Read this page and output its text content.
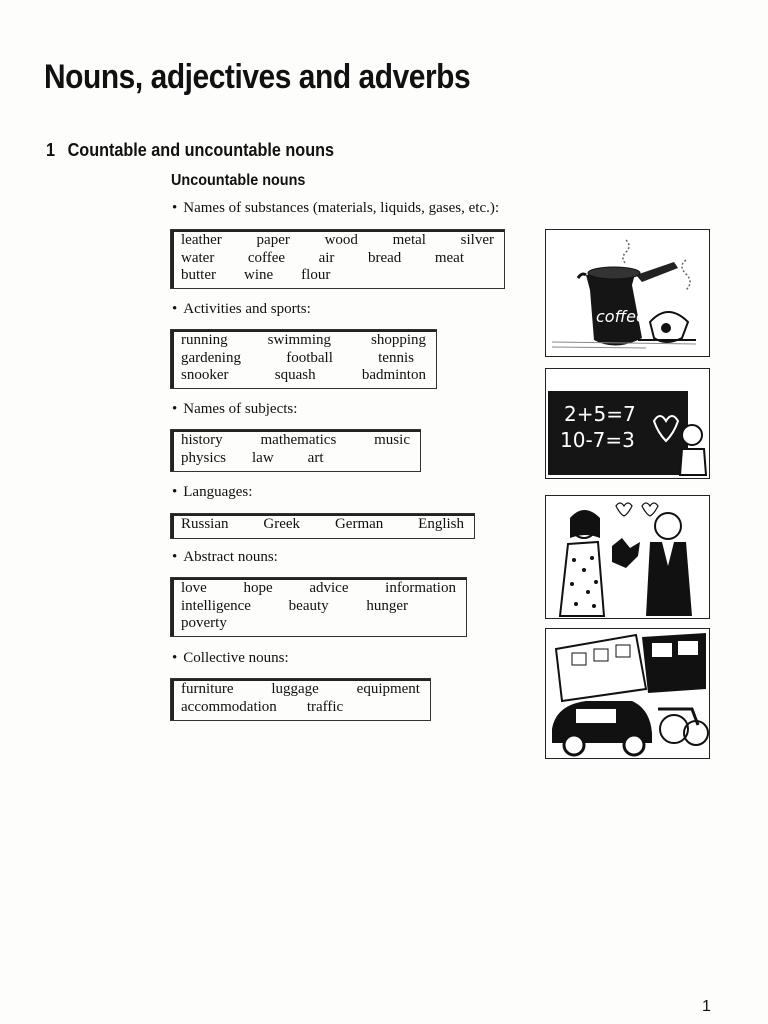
Nouns, adjectives and adverbs
1 Countable and uncountable nouns
Uncountable nouns
• Names of substances (materials, liquids, gases, etc.):
leather paper wood metal silver
water coffee air bread meat
butter wine flour
• Activities and sports:
running	swimming	shopping
gardening	football	tennis
snooker	squash	badminton
• Names of subjects:
history	mathematics	music
physics law art
• Languages:
Russian Greek German English
• Abstract nouns:
love hope advice information
intelligence	beauty	hunger
poverty
• Collective nouns:
furniture	luggage	equipment
accommodation traffic
coffee
2+5=7
10-7=3
1
